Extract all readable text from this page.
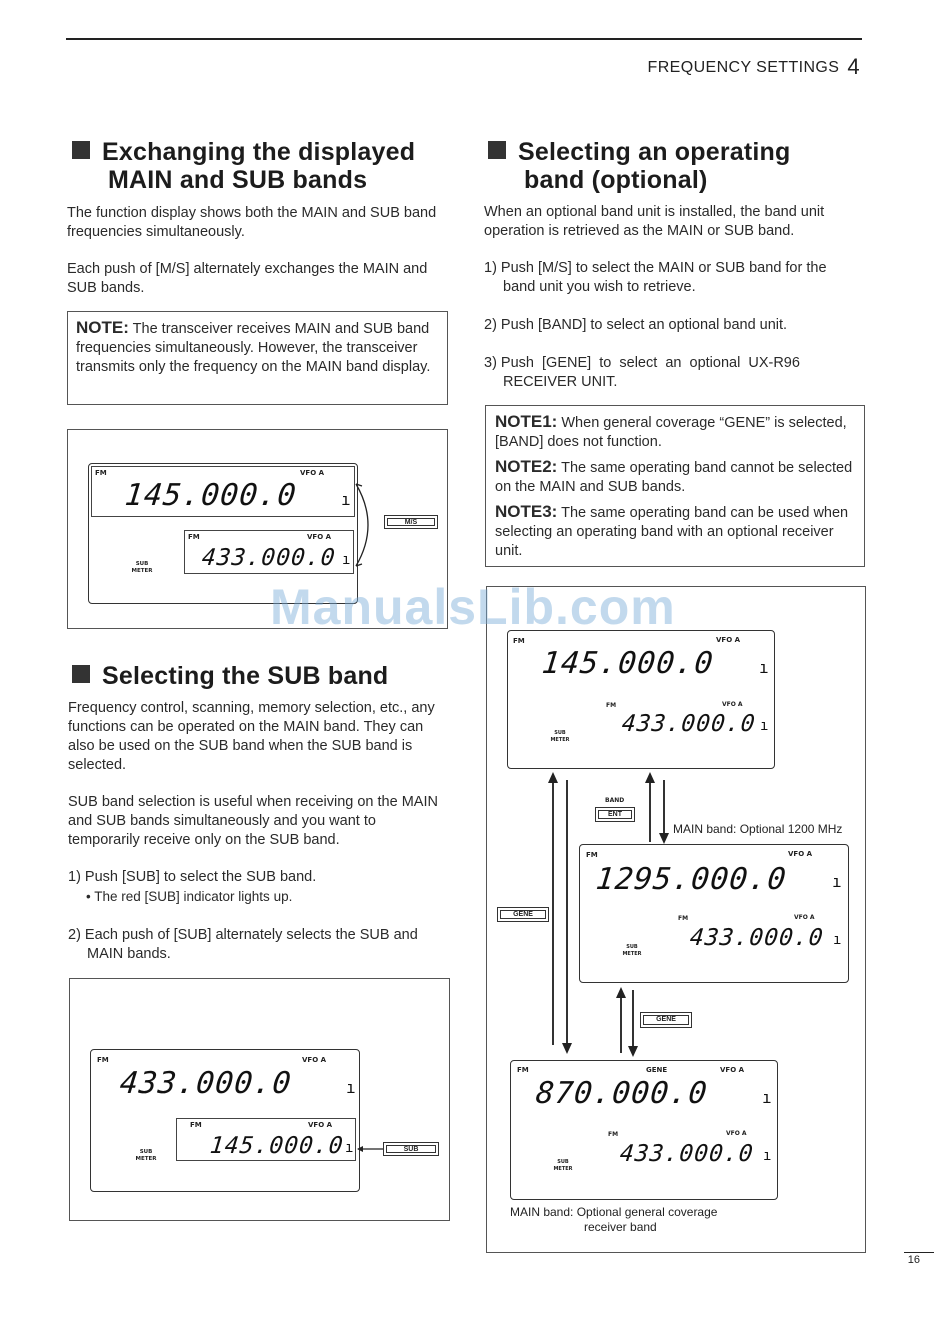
FREQUENCY SETTINGS 4
Exchanging the displayed
MAIN and SUB bands
The function display shows both the MAIN and SUB band frequencies simultaneously.
Each push of [M/S] alternately exchanges the MAIN and SUB bands.
NOTE: The transceiver receives MAIN and SUB band frequencies simultaneously. However, the transceiver transmits only the frequency on the MAIN band display.
FM	VFO A
145.000.0	ı
FM	VFO A
433.000.0 ı
SUB
METER
M/S
Selecting the SUB band
Frequency control, scanning, memory selection, etc., any functions can be operated on the MAIN band. They can also be used on the SUB band when the SUB band is selected.
SUB band selection is useful when receiving on the MAIN and SUB bands simultaneously and you want to temporarily receive only on the SUB band.
1) Push [SUB] to select the SUB band.
• The red [SUB] indicator lights up.
2) Each push of [SUB] alternately selects the SUB and
MAIN bands.
FM	VFO A
433.000.0	ı
FM	VFO A
145.000.0 ı
SUB
METER
SUB
Selecting an operating
band (optional)
When an optional band unit is installed, the band unit operation is retrieved as the MAIN or SUB band.
1) Push [M/S] to select the MAIN or SUB band for the
band unit you wish to retrieve.
2) Push [BAND] to select an optional band unit.
3) Push  [GENE]  to  select  an  optional  UX-R96
RECEIVER UNIT.
NOTE1: When general coverage “GENE” is selected, [BAND] does not function.
NOTE2: The same operating band cannot be selected on the MAIN and SUB bands.
NOTE3: The same operating band can be used when selecting an operating band with an optional receiver unit.
FM	VFO A
145.000.0	ı
FM	VFO A
433.000.0 ı
SUB
METER
BAND
ENT
MAIN band: Optional 1200 MHz
GENE
FM	VFO A
1295.000.0	ı
FM	VFO A
433.000.0 ı
SUB
METER
GENE
FM	GENE	VFO A
870.000.0	ı
FM	VFO A
433.000.0 ı
SUB
METER
MAIN band: Optional general coverage
receiver band
ManualsLib.com
16
